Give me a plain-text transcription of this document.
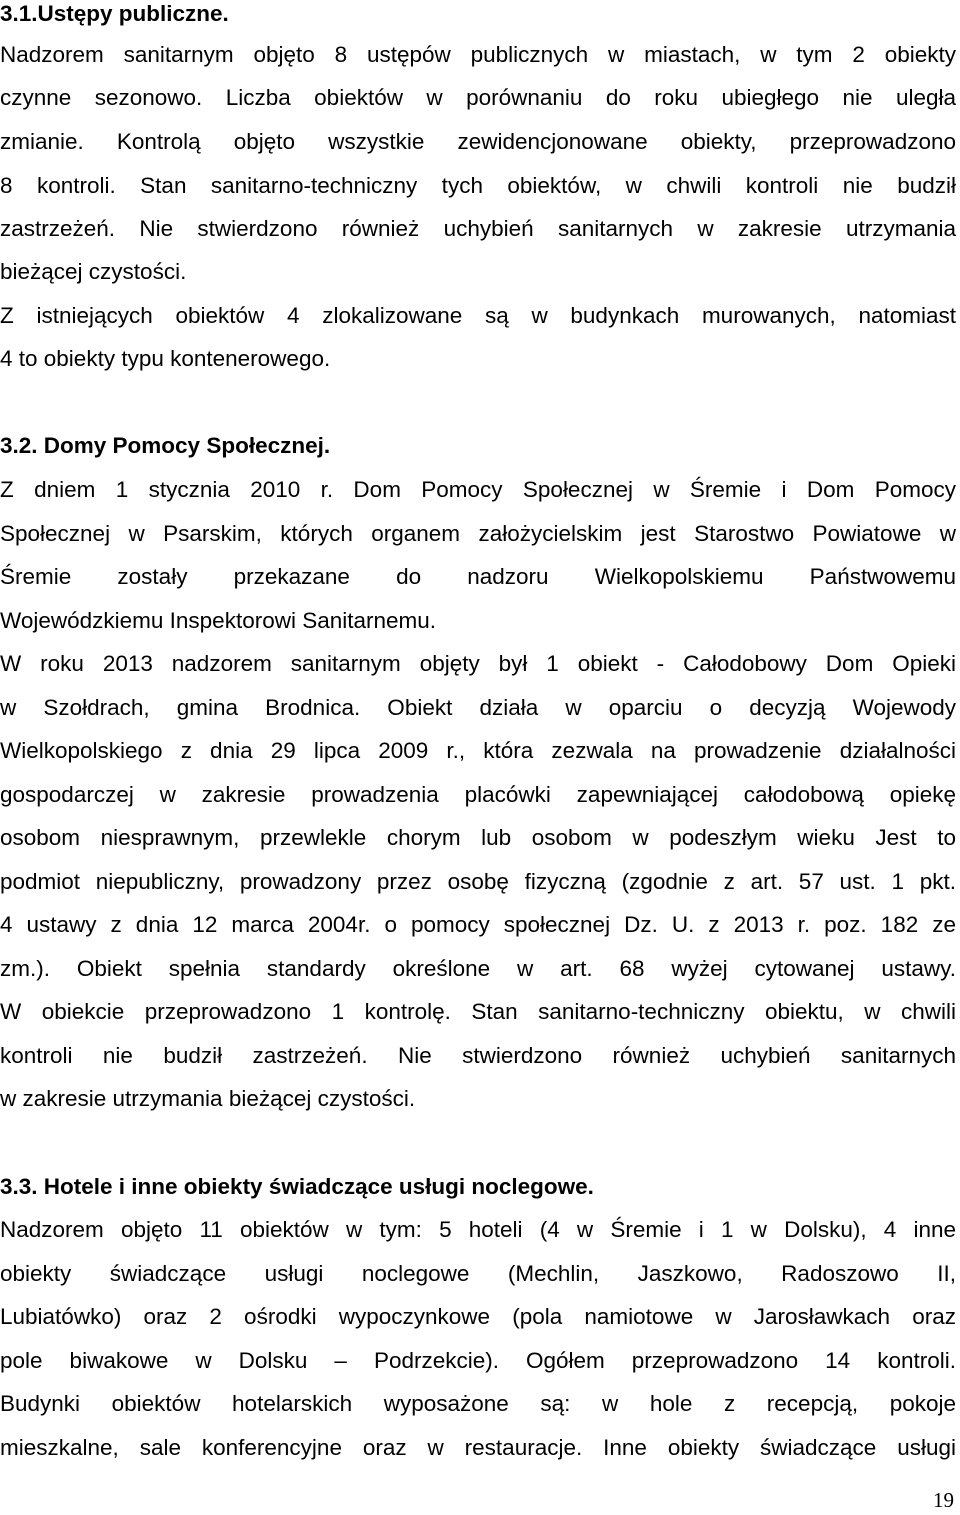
3.1.Ustępy publiczne.
Nadzorem sanitarnym objęto 8 ustępów publicznych w miastach, w tym 2 obiekty
czynne sezonowo. Liczba obiektów w porównaniu do roku ubiegłego nie uległa
zmianie. Kontrolą objęto wszystkie zewidencjonowane obiekty, przeprowadzono
8 kontroli. Stan sanitarno-techniczny tych obiektów, w chwili kontroli nie budził
zastrzeżeń. Nie stwierdzono również uchybień sanitarnych w zakresie utrzymania
bieżącej czystości.
Z istniejących obiektów 4 zlokalizowane są w budynkach murowanych, natomiast
4 to obiekty typu kontenerowego.
3.2. Domy Pomocy Społecznej.
Z dniem 1 stycznia 2010 r. Dom Pomocy Społecznej w Śremie i Dom Pomocy
Społecznej w Psarskim, których organem założycielskim jest Starostwo Powiatowe w
Śremie zostały przekazane do nadzoru Wielkopolskiemu Państwowemu
Wojewódzkiemu Inspektorowi Sanitarnemu.
W roku 2013 nadzorem sanitarnym objęty był 1 obiekt - Całodobowy Dom Opieki
w Szołdrach, gmina Brodnica. Obiekt działa w oparciu o decyzją Wojewody
Wielkopolskiego z dnia 29 lipca 2009 r., która zezwala na prowadzenie działalności
gospodarczej w zakresie prowadzenia placówki zapewniającej całodobową opiekę
osobom niesprawnym, przewlekle chorym lub osobom w podeszłym wieku Jest to
podmiot niepubliczny, prowadzony przez osobę fizyczną (zgodnie z art. 57 ust. 1 pkt.
4 ustawy z dnia 12 marca 2004r. o pomocy społecznej Dz. U. z 2013 r. poz. 182 ze
zm.). Obiekt spełnia standardy określone w art. 68 wyżej cytowanej ustawy.
W obiekcie przeprowadzono 1 kontrolę. Stan sanitarno-techniczny obiektu, w chwili
kontroli nie budził zastrzeżeń. Nie stwierdzono również uchybień sanitarnych
w zakresie utrzymania bieżącej czystości.
3.3. Hotele i inne obiekty świadczące usługi noclegowe.
Nadzorem objęto 11 obiektów w tym: 5 hoteli (4 w Śremie i 1 w Dolsku), 4 inne
obiekty świadczące usługi noclegowe (Mechlin, Jaszkowo, Radoszowo II,
Lubiatówko) oraz 2 ośrodki wypoczynkowe (pola namiotowe w Jarosławkach oraz
pole biwakowe w Dolsku – Podrzekcie). Ogółem przeprowadzono 14 kontroli.
Budynki obiektów hotelarskich wyposażone są: w hole z recepcją, pokoje
mieszkalne, sale konferencyjne oraz w restauracje. Inne obiekty świadczące usługi
19
